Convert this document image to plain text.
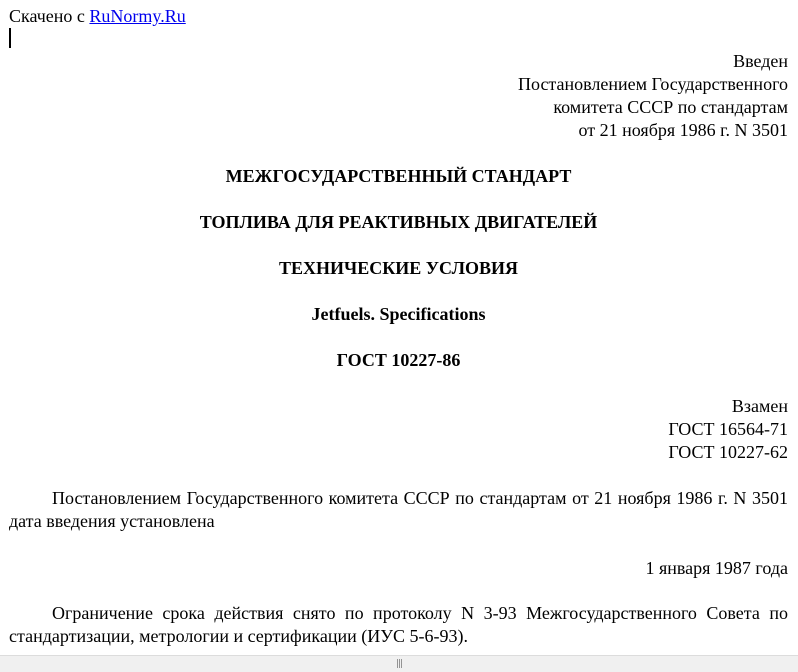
Скачено с RuNormy.Ru
Введен
Постановлением Государственного
комитета СССР по стандартам
от 21 ноября 1986 г. N 3501
МЕЖГОСУДАРСТВЕННЫЙ СТАНДАРТ
ТОПЛИВА ДЛЯ РЕАКТИВНЫХ ДВИГАТЕЛЕЙ
ТЕХНИЧЕСКИЕ УСЛОВИЯ
Jetfuels. Specifications
ГОСТ 10227-86
Взамен
ГОСТ 16564-71
ГОСТ 10227-62
Постановлением Государственного комитета СССР по стандартам от 21 ноября 1986 г. N 3501 дата введения установлена
1 января 1987 года
Ограничение срока действия снято по протоколу N 3-93 Межгосударственного Совета по стандартизации, метрологии и сертификации (ИУС 5-6-93).
|||
